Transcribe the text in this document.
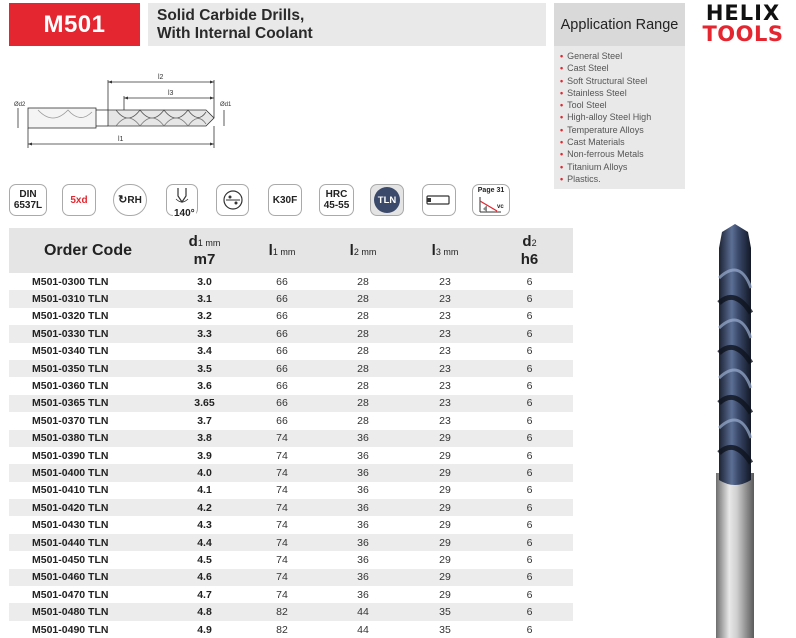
M501	Solid Carbide Drills,
With Internal Coolant
Application Range
• General Steel
• Cast Steel
• Soft Structural Steel
• Stainless Steel
• Tool Steel
• High-alloy Steel High
• Temperature Alloys
• Cast Materials
• Non-ferrous Metals
• Titanium Alloys
• Plastics.
HELIX
TOOLS
l2
l3
l1
Ød2	Ød1
DIN
6537L	5xd	↻ RH
140°
K30F	HRC
45-55	TLN
Page 31
vc
Order Code	d1 mm
m7	l1 mm	l2 mm	l3 mm	d2
h6
M501-0300 TLN	3.0	66	28	23	6
M501-0310 TLN	3.1	66	28	23	6
M501-0320 TLN	3.2	66	28	23	6
M501-0330 TLN	3.3	66	28	23	6
M501-0340 TLN	3.4	66	28	23	6
M501-0350 TLN	3.5	66	28	23	6
M501-0360 TLN	3.6	66	28	23	6
M501-0365 TLN	3.65	66	28	23	6
M501-0370 TLN	3.7	66	28	23	6
M501-0380 TLN	3.8	74	36	29	6
M501-0390 TLN	3.9	74	36	29	6
M501-0400 TLN	4.0	74	36	29	6
M501-0410 TLN	4.1	74	36	29	6
M501-0420 TLN	4.2	74	36	29	6
M501-0430 TLN	4.3	74	36	29	6
M501-0440 TLN	4.4	74	36	29	6
M501-0450 TLN	4.5	74	36	29	6
M501-0460 TLN	4.6	74	36	29	6
M501-0470 TLN	4.7	74	36	29	6
M501-0480 TLN	4.8	82	44	35	6
M501-0490 TLN	4.9	82	44	35	6
